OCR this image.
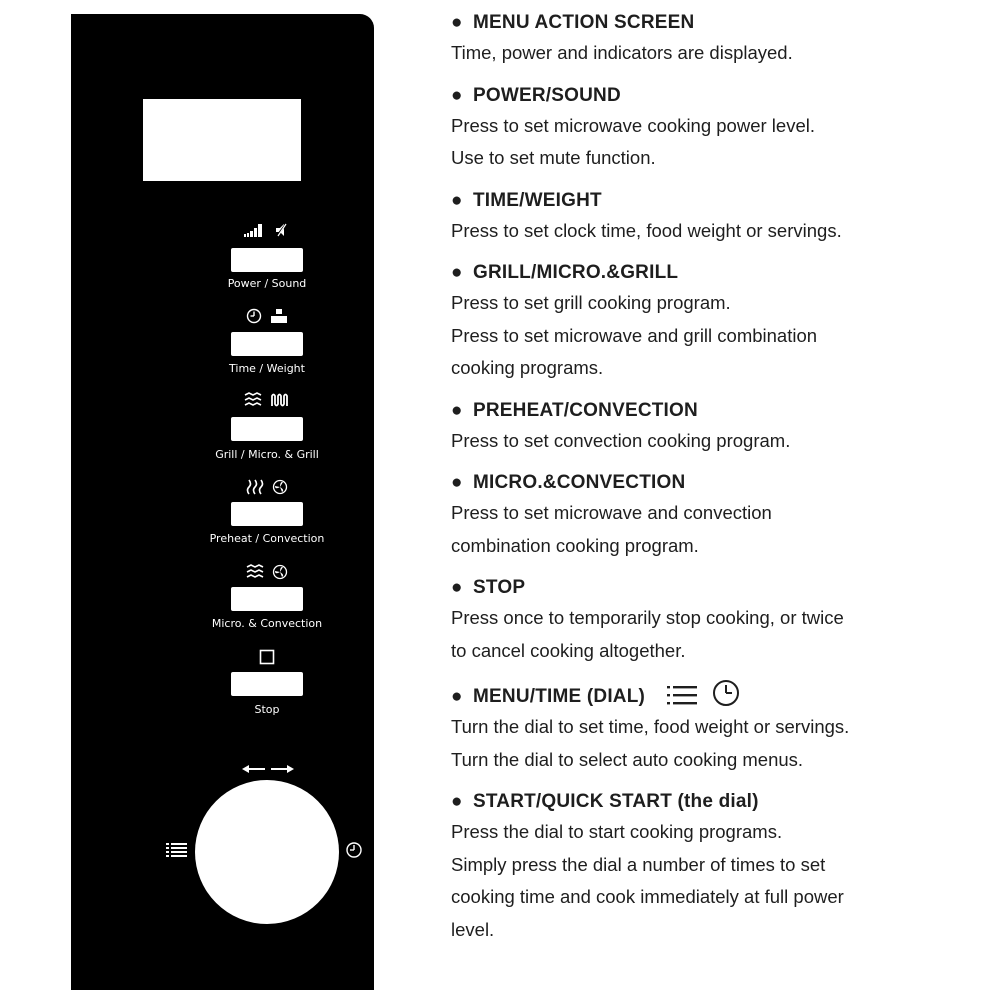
Power / Sound

Time / Weight

Grill / Micro. & Grill

Preheat / Convection

Micro. & Convection
Stop
● MENU ACTION SCREEN
Time, power and indicators are displayed.
● POWER/SOUND
Press to set microwave cooking power level.
Use to set mute function.
● TIME/WEIGHT
Press to set clock time, food weight or servings.
● GRILL/MICRO.&GRILL
Press to set grill cooking program.
Press to set microwave and grill combination
cooking programs.
● PREHEAT/CONVECTION
Press to set convection cooking program.
● MICRO.&CONVECTION
Press to set microwave and convection
combination cooking program.
● STOP
Press once to temporarily stop cooking, or twice
to cancel cooking altogether.
● MENU/TIME (DIAL)
Turn the dial to set time, food weight or servings.
Turn the dial to select auto cooking menus.
● START/QUICK START (the dial)
Press the dial to start cooking programs.
Simply press the dial a number of times to set
cooking time and cook immediately at full power
level.
